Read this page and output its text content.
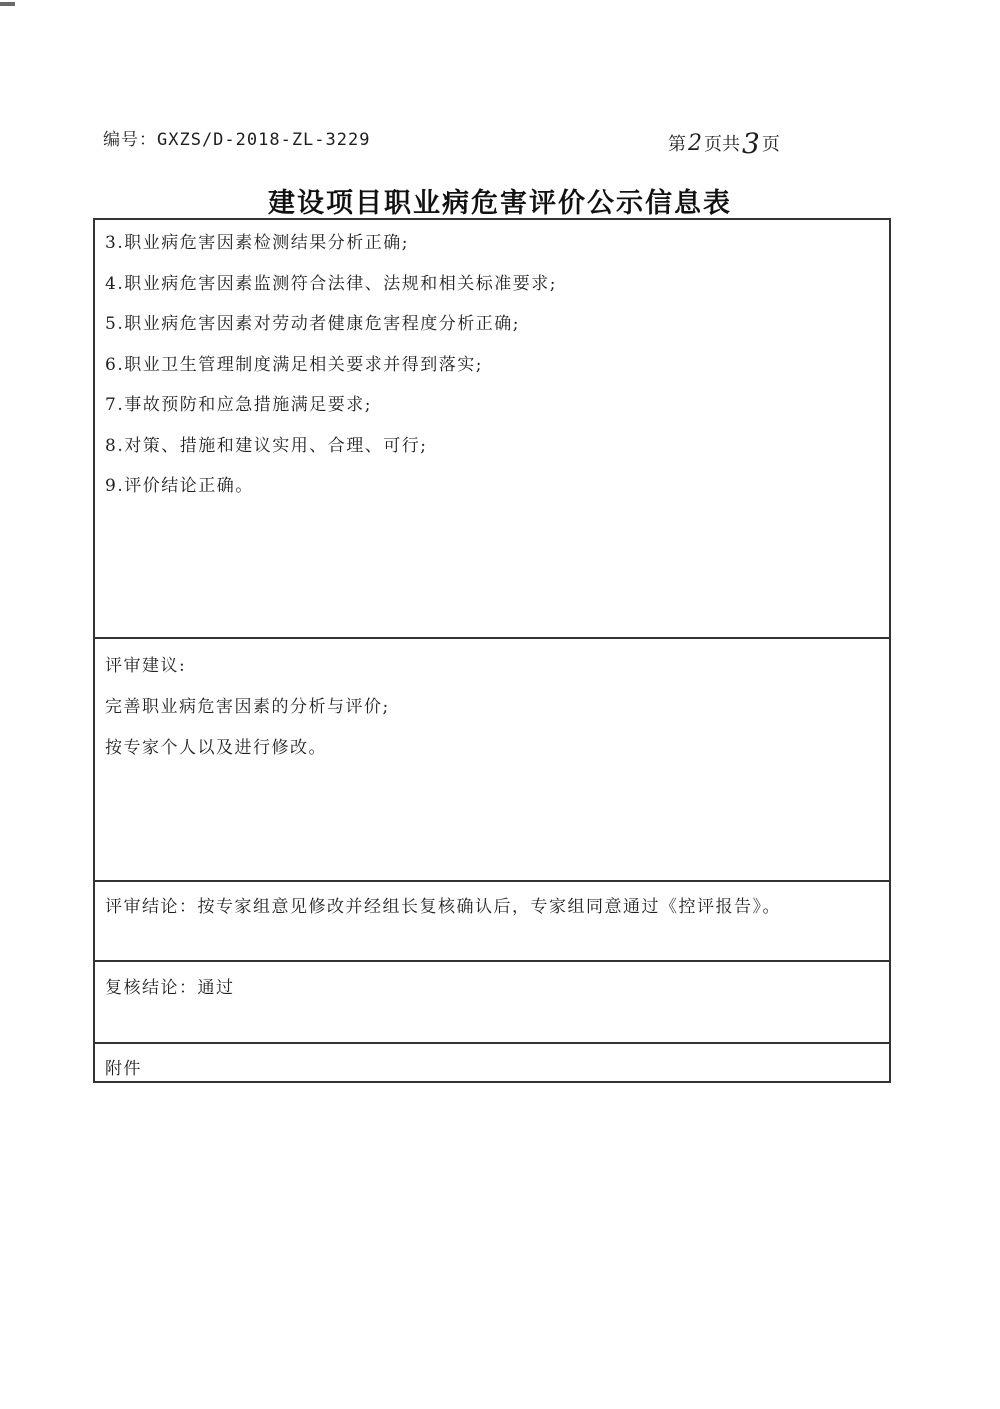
编号：GXZS/D-2018-ZL-3229	第 2 页共 3 页
建设项目职业病危害评价公示信息表
3.职业病危害因素检测结果分析正确;
4.职业病危害因素监测符合法律、法规和相关标准要求;
5.职业病危害因素对劳动者健康危害程度分析正确;
6.职业卫生管理制度满足相关要求并得到落实;
7.事故预防和应急措施满足要求;
8.对策、措施和建议实用、合理、可行;
9.评价结论正确。
评审建议:
完善职业病危害因素的分析与评价;
按专家个人以及进行修改。
评审结论：按专家组意见修改并经组长复核确认后，专家组同意通过《控评报告》。
复核结论：通过
附件
